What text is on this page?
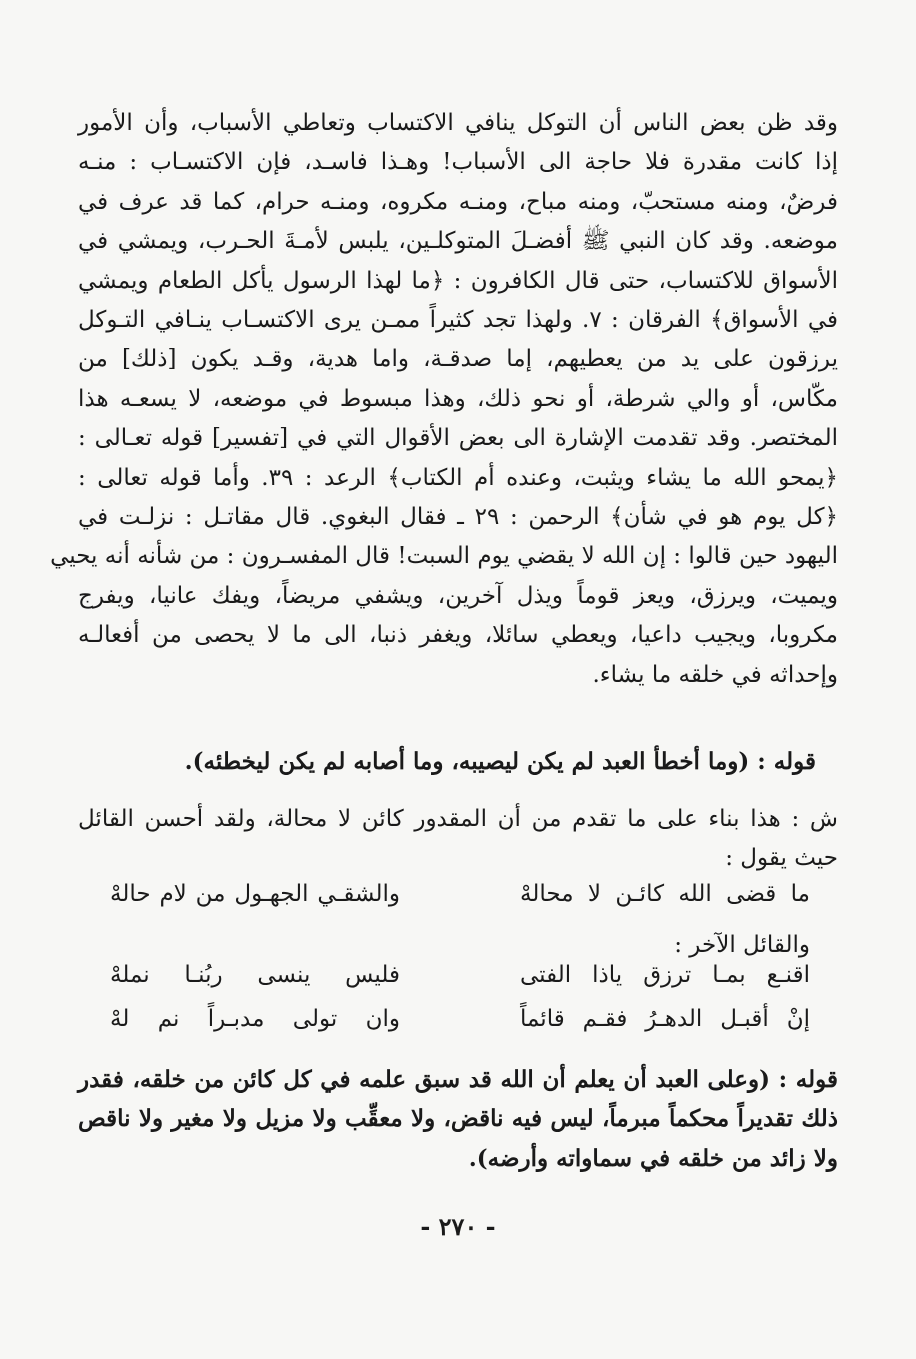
وقد ظن بعض الناس أن التوكل ينافي الاكتساب وتعاطي الأسباب، وأن الأمور
إذا كانت مقدرة فلا حاجة الى الأسباب! وهـذا فاسـد، فإن الاكتسـاب : منـه
فرضٌ، ومنه مستحبّ، ومنه مباح، ومنـه مكروه، ومنـه حرام، كما قد عرف في
موضعه. وقد كان النبي ﷺ أفضـلَ المتوكلـين، يلبس لأمـةَ الحـرب، ويمشي في
الأسواق للاكتساب، حتى قال الكافرون : ﴿ما لهذا الرسول يأكل الطعام ويمشي
في الأسواق﴾ الفرقان : ٧. ولهذا تجد كثيراً ممـن يرى الاكتسـاب ينـافي التـوكل
يرزقون على يد من يعطيهم، إما صدقـة، واما هدية، وقـد يكون [ذلك] من
مكّاس، أو والي شرطة، أو نحو ذلك، وهذا مبسوط في موضعه، لا يسعـه هذا
المختصر. وقد تقدمت الإشارة الى بعض الأقوال التي في [تفسير] قوله تعـالى :
﴿يمحو الله ما يشاء ويثبت، وعنده أم الكتاب﴾ الرعد : ٣٩. وأما قوله تعالى :
﴿كل يوم هو في شأن﴾ الرحمن : ٢٩ ـ فقال البغوي. قال مقاتـل : نزلـت في
اليهود حين قالوا : إن الله لا يقضي يوم السبت! قال المفسـرون : من شأنه أنه يحيي
ويميت، ويرزق، ويعز قوماً ويذل آخرين، ويشفي مريضاً، ويفك عانيا، ويفرج
مكروبا، ويجيب داعيا، ويعطي سائلا، ويغفر ذنبا، الى ما لا يحصى من أفعالـه
وإحداثه في خلقه ما يشاء.
قوله : (وما أخطأ العبد لم يكن ليصيبه، وما أصابه لم يكن ليخطئه).
ش : هذا بناء على ما تقدم من أن المقدور كائن لا محالة، ولقد أحسن القائل
حيث يقول :
ما قضى الله كائـن لا محالهْ
والشقـي الجهـول من لام حالهْ
والقائل الآخر :
اقنـع بمـا ترزق ياذا الفتى
فليس ينسى ربُنـا نملهْ
إنْ أقبـل الدهـرُ فقـم قائماً
وان تولى مدبـراً نم لهْ
قوله : (وعلى العبد أن يعلم أن الله قد سبق علمه في كل كائن من خلقه، فقدر
ذلك تقديراً محكماً مبرماً، ليس فيه ناقض، ولا معقِّب ولا مزيل ولا مغير ولا ناقص
ولا زائد من خلقه في سماواته وأرضه).
- ٢٧٠ -
